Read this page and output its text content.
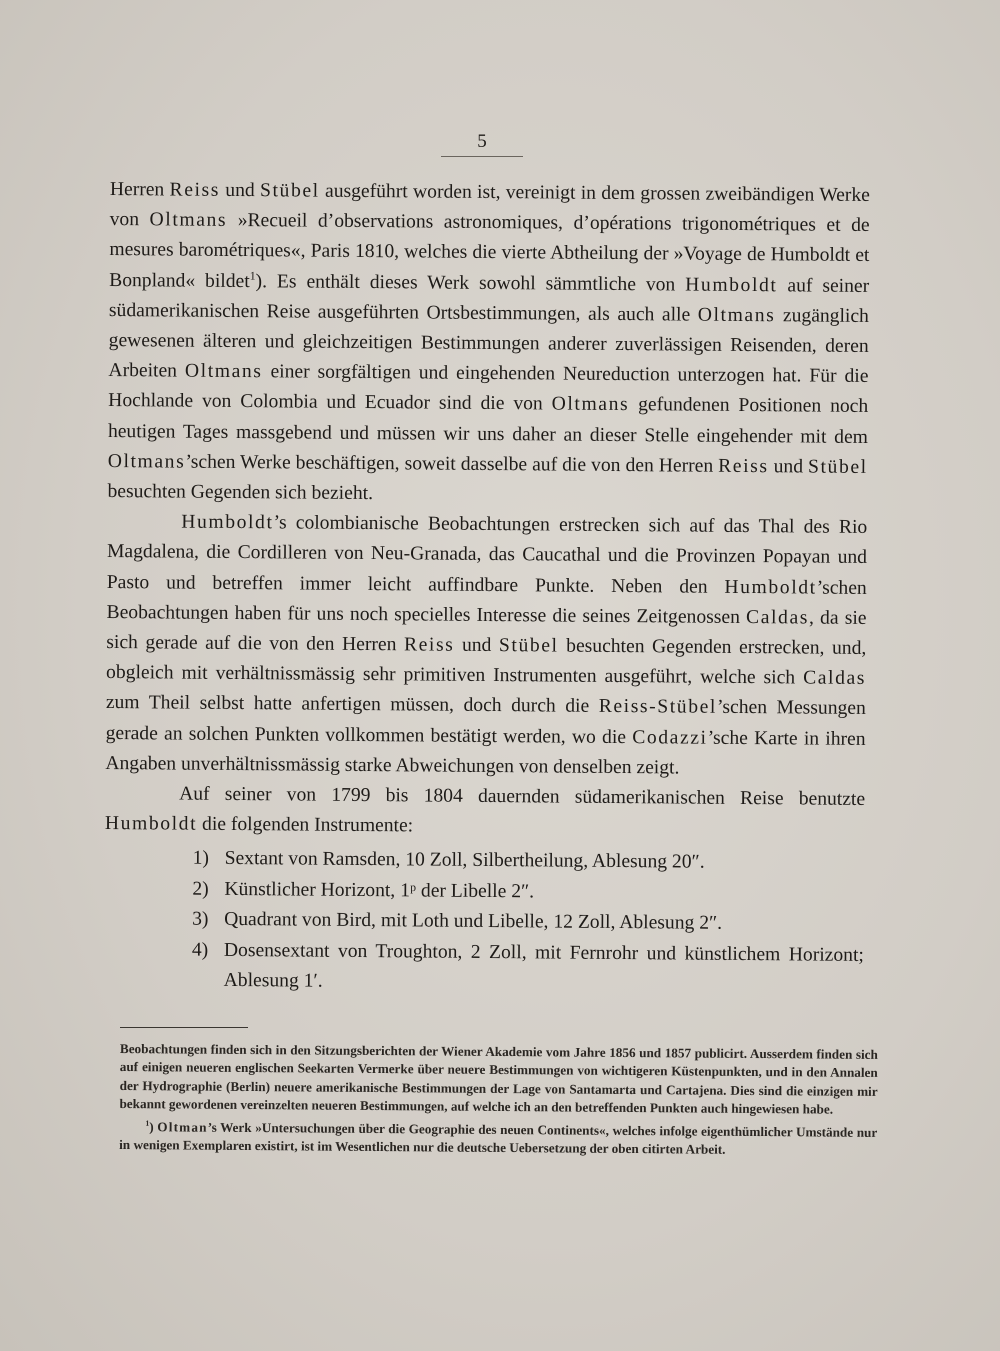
5

Herren Reiss und Stübel ausgeführt worden ist, vereinigt in dem grossen zweibändigen Werke von Oltmans »Recueil d’observations astronomiques, d’opérations trigonométriques et de mesures barométriques«, Paris 1810, welches die vierte Abtheilung der »Voyage de Humboldt et Bonpland« bildet$^1$). Es enthält dieses Werk sowohl sämmtliche von Humboldt auf seiner südamerikanischen Reise ausgeführten Ortsbestimmungen, als auch alle Oltmans zugänglich gewesenen älteren und gleichzeitigen Bestimmungen anderer zuverlässigen Reisenden, deren Arbeiten Oltmans einer sorgfältigen und eingehenden Neureduction unterzogen hat. Für die Hochlande von Colombia und Ecuador sind die von Oltmans gefundenen Positionen noch heutigen Tages massgebend und müssen wir uns daher an dieser Stelle eingehender mit dem Oltmans’schen Werke beschäftigen, soweit dasselbe auf die von den Herren Reiss und Stübel besuchten Gegenden sich bezieht.

Humboldt’s colombianische Beobachtungen erstrecken sich auf das Thal des Rio Magdalena, die Cordilleren von Neu-Granada, das Caucathal und die Provinzen Popayan und Pasto und betreffen immer leicht auffindbare Punkte. Neben den Humboldt’schen Beobachtungen haben für uns noch specielles Interesse die seines Zeitgenossen Caldas, da sie sich gerade auf die von den Herren Reiss und Stübel besuchten Gegenden erstrecken, und, obgleich mit verhältnissmässig sehr primitiven Instrumenten ausgeführt, welche sich Caldas zum Theil selbst hatte anfertigen müssen, doch durch die Reiss-Stübel’schen Messungen gerade an solchen Punkten vollkommen bestätigt werden, wo die Codazzi’sche Karte in ihren Angaben unverhältnissmässig starke Abweichungen von denselben zeigt.

Auf seiner von 1799 bis 1804 dauernden südamerikanischen Reise benutzte Humboldt die folgenden Instrumente:

1) Sextant von Ramsden, 10 Zoll, Silbertheilung, Ablesung 20″.
2) Künstlicher Horizont, 1ᵖ der Libelle 2″.
3) Quadrant von Bird, mit Loth und Libelle, 12 Zoll, Ablesung 2″.
4) Dosensextant von Troughton, 2 Zoll, mit Fernrohr und künstlichem Horizont; Ablesung 1′.

Beobachtungen finden sich in den Sitzungsberichten der Wiener Akademie vom Jahre 1856 und 1857 publicirt. Ausserdem finden sich auf einigen neueren englischen Seekarten Vermerke über neuere Bestimmungen von wichtigeren Küstenpunkten, und in den Annalen der Hydrographie (Berlin) neuere amerikanische Bestimmungen der Lage von Santamarta und Cartajena. Dies sind die einzigen mir bekannt gewordenen vereinzelten neueren Bestimmungen, auf welche ich an den betreffenden Punkten auch hingewiesen habe.

$^1$) Oltman’s Werk »Untersuchungen über die Geographie des neuen Continents«, welches infolge eigenthümlicher Umstände nur in wenigen Exemplaren existirt, ist im Wesentlichen nur die deutsche Uebersetzung der oben citirten Arbeit.
